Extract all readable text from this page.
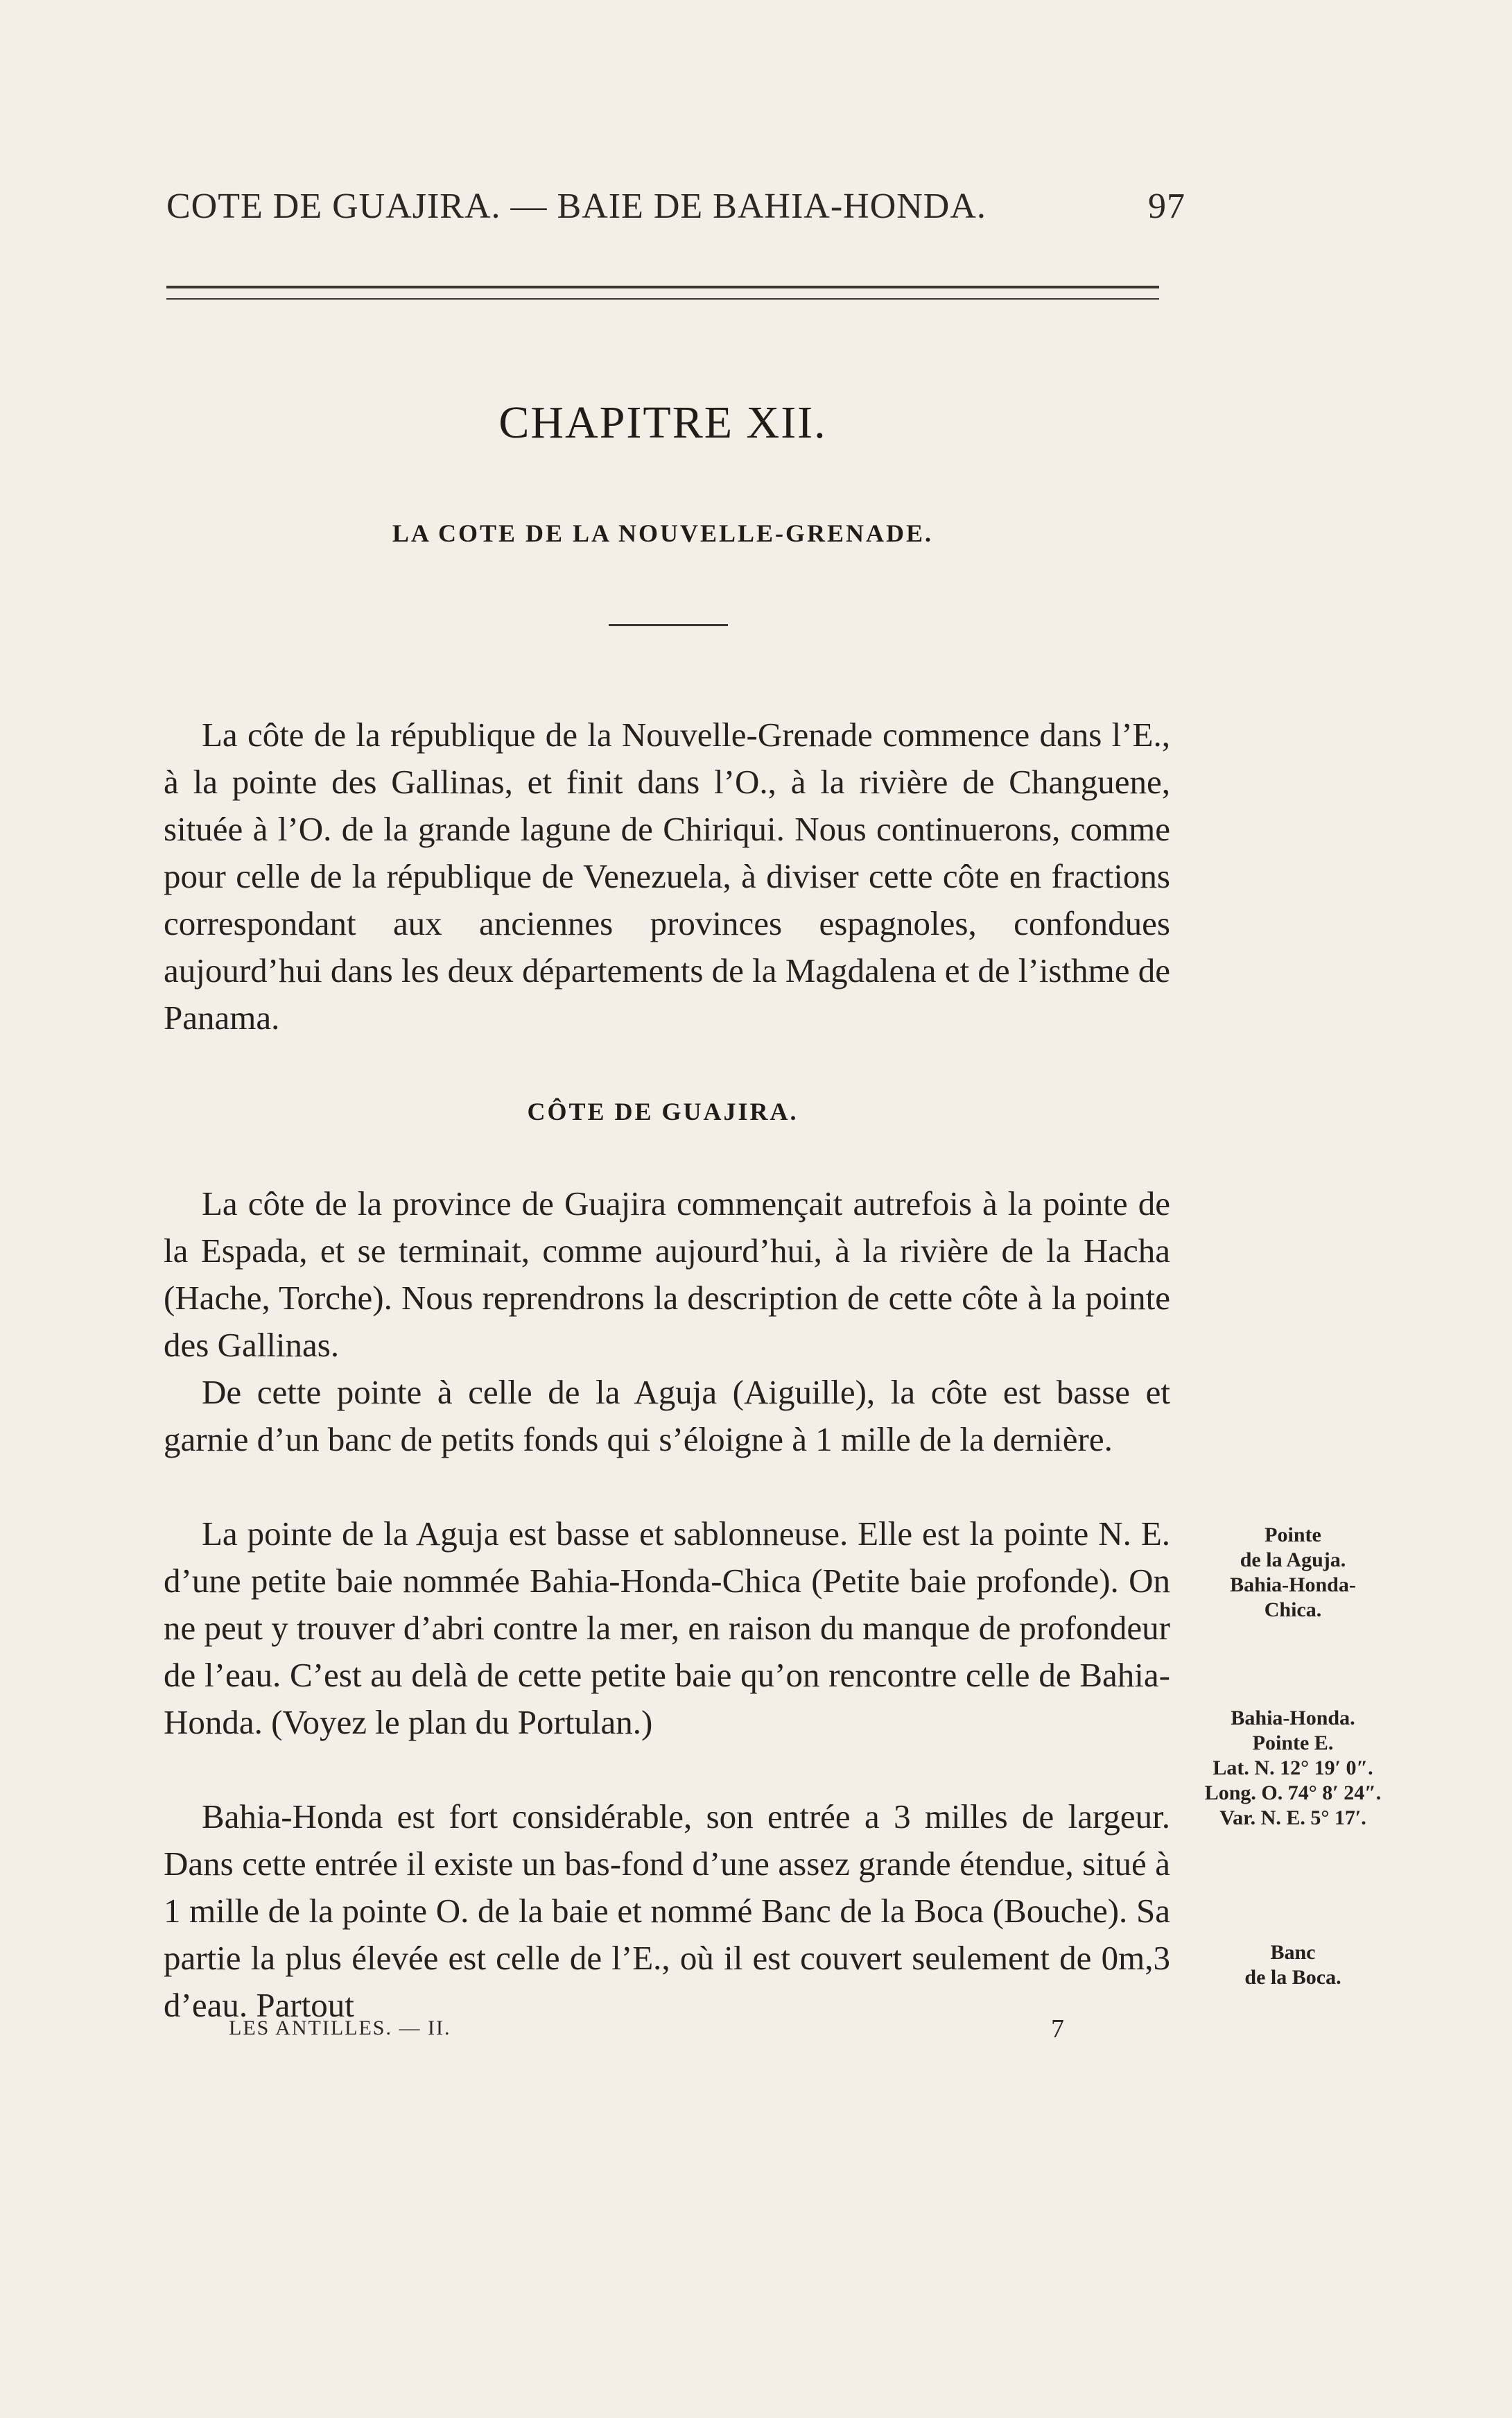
COTE DE GUAJIRA. — BAIE DE BAHIA-HONDA.	97
CHAPITRE XII.
LA COTE DE LA NOUVELLE-GRENADE.

La côte de la république de la Nouvelle-Grenade commence dans l’E., à la pointe des Gallinas, et finit dans l’O., à la rivière de Changuene, située à l’O. de la grande lagune de Chiriqui. Nous continuerons, comme pour celle de la république de Venezuela, à diviser cette côte en fractions correspondant aux anciennes provinces espagnoles, confondues aujourd’hui dans les deux départements de la Magdalena et de l’isthme de Panama.

CÔTE DE GUAJIRA.

La côte de la province de Guajira commençait autrefois à la pointe de la Espada, et se terminait, comme aujourd’hui, à la rivière de la Hacha (Hache, Torche). Nous reprendrons la description de cette côte à la pointe des Gallinas.

De cette pointe à celle de la Aguja (Aiguille), la côte est basse et garnie d’un banc de petits fonds qui s’éloigne à 1 mille de la dernière.

La pointe de la Aguja est basse et sablonneuse. Elle est la pointe N. E. d’une petite baie nommée Bahia-Honda-Chica (Petite baie profonde). On ne peut y trouver d’abri contre la mer, en raison du manque de profondeur de l’eau. C’est au delà de cette petite baie qu’on rencontre celle de Bahia-Honda. (Voyez le plan du Portulan.)

Bahia-Honda est fort considérable, son entrée a 3 milles de largeur. Dans cette entrée il existe un bas-fond d’une assez grande étendue, situé à 1 mille de la pointe O. de la baie et nommé Banc de la Boca (Bouche). Sa partie la plus élevée est celle de l’E., où il est couvert seulement de 0m,3 d’eau. Partout

Pointe
de la Aguja.
Bahia-Honda-
Chica.
Bahia-Honda.
Pointe E.
Lat. N. 12° 19′ 0″.
Long. O. 74° 8′ 24″.
Var. N. E. 5° 17′.
Banc
de la Boca.
LES ANTILLES. — II.	7
